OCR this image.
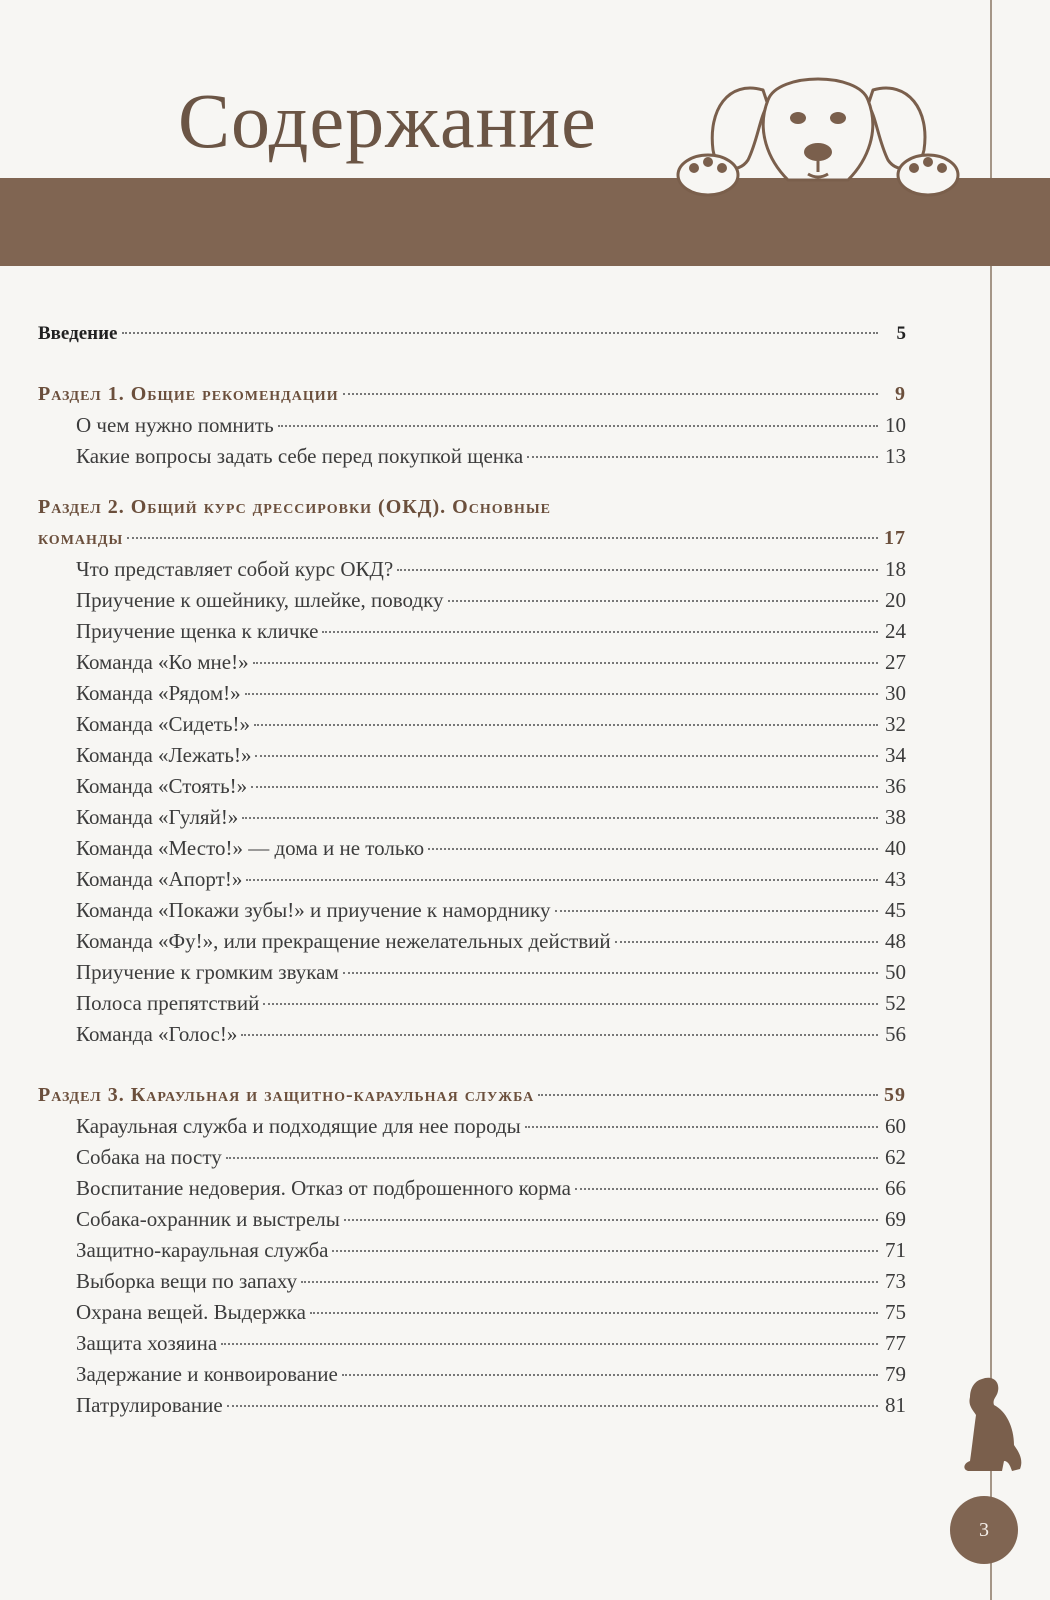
Содержание
Введение	5
Раздел 1. Общие рекомендации	9
О чем нужно помнить	10
Какие вопросы задать себе перед покупкой щенка	13
Раздел 2. Общий курс дрессировки (ОКД). Основные
команды	17
Что представляет собой курс ОКД?	18
Приучение к ошейнику, шлейке, поводку	20
Приучение щенка к кличке	24
Команда «Ко мне!»	27
Команда «Рядом!»	30
Команда «Сидеть!»	32
Команда «Лежать!»	34
Команда «Стоять!»	36
Команда «Гуляй!»	38
Команда «Место!» — дома и не только	40
Команда «Апорт!»	43
Команда «Покажи зубы!» и приучение к наморднику	45
Команда «Фу!», или прекращение нежелательных действий	48
Приучение к громким звукам	50
Полоса препятствий	52
Команда «Голос!»	56
Раздел 3. Караульная и защитно-караульная служба	59
Караульная служба и подходящие для нее породы	60
Собака на посту	62
Воспитание недоверия. Отказ от подброшенного корма	66
Собака-охранник и выстрелы	69
Защитно-караульная служба	71
Выборка вещи по запаху	73
Охрана вещей. Выдержка	75
Защита хозяина	77
Задержание и конвоирование	79
Патрулирование	81
3
